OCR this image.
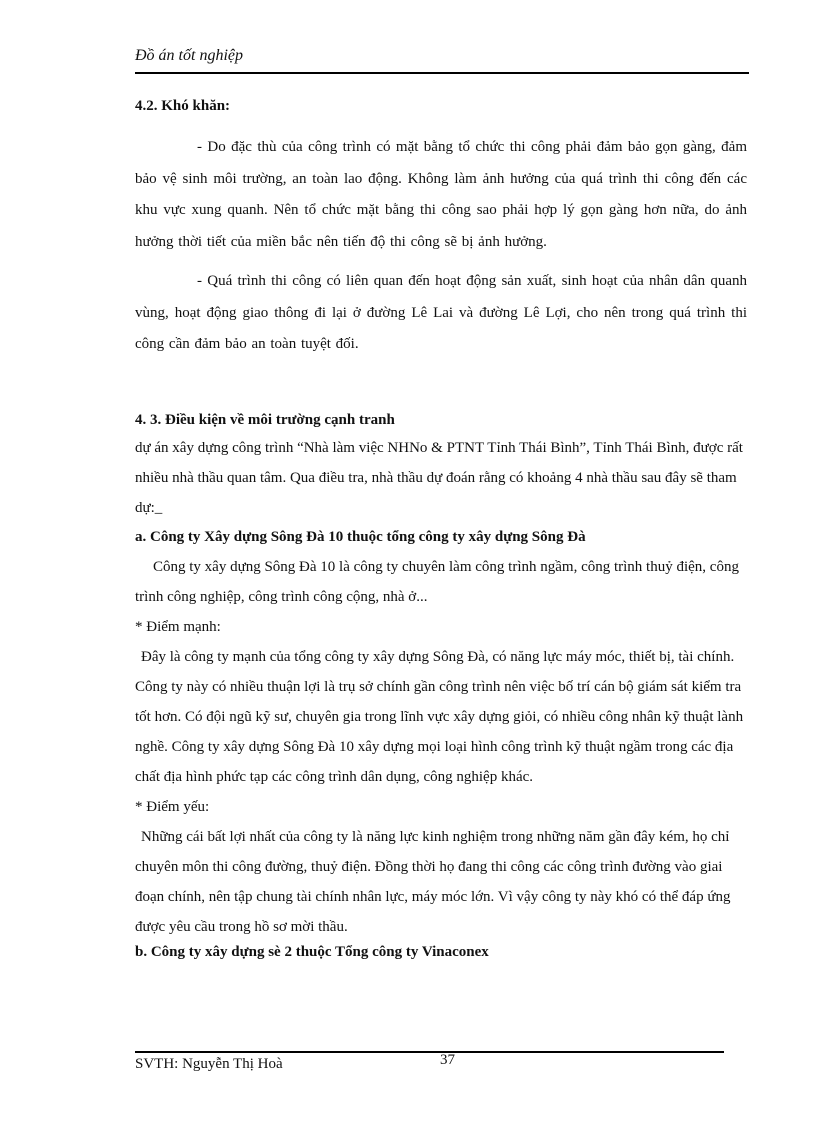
Đồ án tốt nghiệp

4.2. Khó khăn:

- Do đặc thù của công trình có mặt bằng tổ chức thi công phải đảm bảo gọn gàng, đảm bảo vệ sinh môi trường, an toàn lao động. Không làm ảnh hưởng của quá trình thi công đến các khu vực xung quanh. Nên tổ chức mặt bằng thi công sao phải hợp lý gọn gàng hơn nữa, do ảnh hưởng thời tiết của miền bắc nên tiến độ thi công sẽ bị ảnh hưởng.

- Quá trình thi công có liên quan đến hoạt động sản xuất, sinh hoạt của nhân dân quanh vùng, hoạt động giao thông đi lại ở đường Lê Lai và đường Lê Lợi, cho nên trong quá trình thi công cần đảm bảo an toàn tuyệt đối.

4. 3. Điều kiện về môi trường cạnh tranh

dự án xây dựng công trình “Nhà làm việc NHNo & PTNT Tỉnh Thái Bình”, Tỉnh Thái Bình, được rất nhiều nhà thầu quan tâm. Qua điều tra, nhà thầu dự đoán rằng có khoảng 4 nhà thầu sau đây sẽ tham dự:_

a. Công ty Xây dựng Sông Đà 10 thuộc tổng công ty xây dựng Sông Đà

Công ty xây dựng Sông Đà 10 là công ty chuyên làm công trình ngầm, công trình thuỷ điện, công trình công nghiệp, công trình công cộng, nhà ở...

* Điểm mạnh:

Đây là công ty mạnh của tổng công ty xây dựng Sông Đà, có năng lực máy móc, thiết bị, tài chính. Công ty này có nhiều thuận lợi là trụ sở chính gần công trình nên việc bố trí cán bộ giám sát kiểm tra tốt hơn. Có đội ngũ kỹ sư, chuyên gia trong lĩnh vực xây dựng giỏi, có nhiều công nhân kỹ thuật lành nghề. Công ty xây dựng Sông Đà 10 xây dựng mọi loại hình công trình kỹ thuật ngầm trong các địa chất địa hình phức tạp các công trình dân dụng, công nghiệp khác.

* Điểm yếu:

Những cái bất lợi nhất của công ty là năng lực kinh nghiệm trong những năm gần đây kém, họ chỉ chuyên môn thi công đường, thuỷ điện. Đồng thời họ đang thi công các công trình đường vào giai đoạn chính, nên tập chung tài chính nhân lực, máy móc lớn. Vì vậy công ty này khó có thể đáp ứng được yêu cầu trong hồ sơ mời thầu.

b. Công ty xây dựng sè 2 thuộc Tổng công ty Vinaconex

SVTH: Nguyễn Thị Hoà	37
